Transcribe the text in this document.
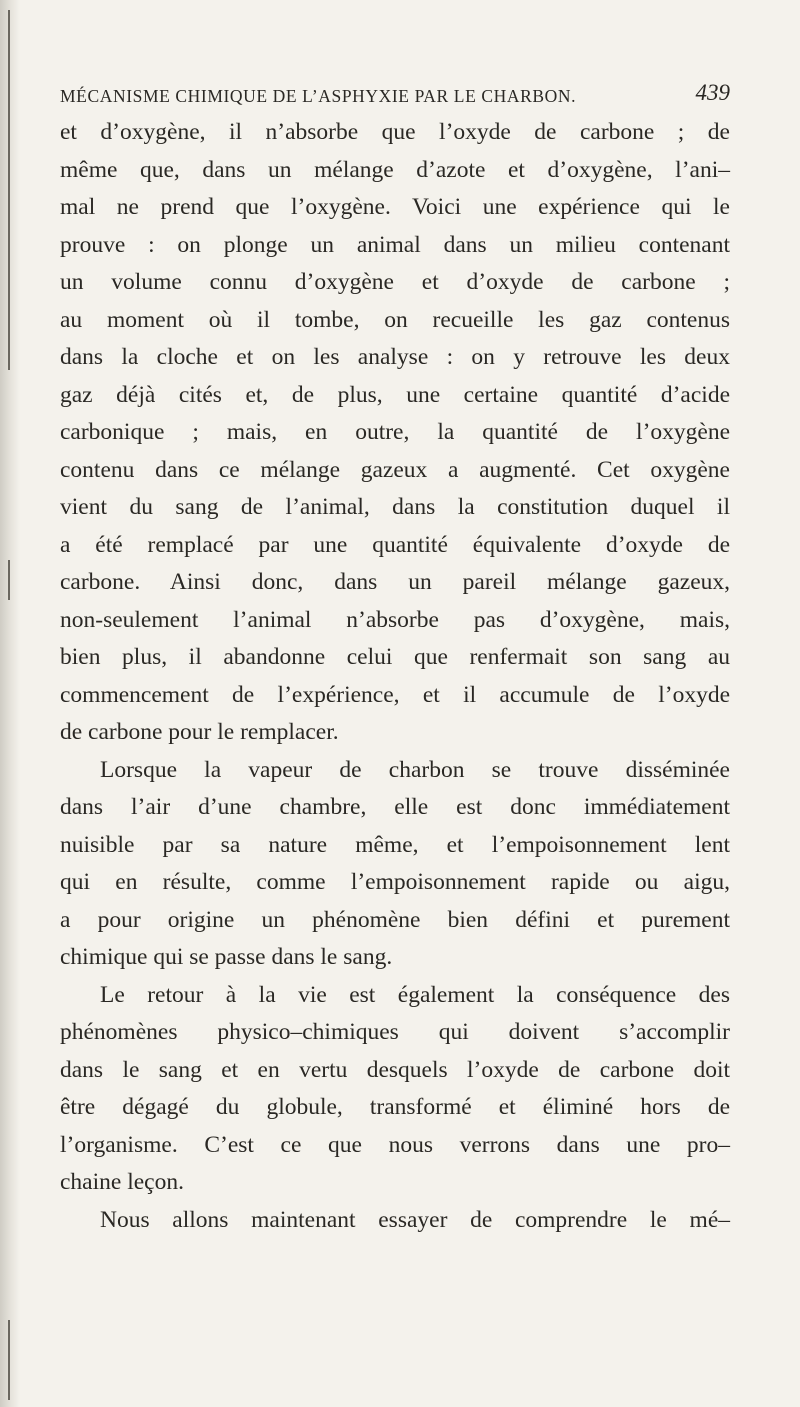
MÉCANISME CHIMIQUE DE L’ASPHYXIE PAR LE CHARBON.	439
et d’oxygène, il n’absorbe que l’oxyde de carbone ; de
même que, dans un mélange d’azote et d’oxygène, l’ani–
mal ne prend que l’oxygène. Voici une expérience qui le
prouve : on plonge un animal dans un milieu contenant
un volume connu d’oxygène et d’oxyde de carbone ;
au moment où il tombe, on recueille les gaz contenus
dans la cloche et on les analyse : on y retrouve les deux
gaz déjà cités et, de plus, une certaine quantité d’acide
carbonique ; mais, en outre, la quantité de l’oxygène
contenu dans ce mélange gazeux a augmenté. Cet oxygène
vient du sang de l’animal, dans la constitution duquel il
a été remplacé par une quantité équivalente d’oxyde de
carbone. Ainsi donc, dans un pareil mélange gazeux,
non-seulement l’animal n’absorbe pas d’oxygène, mais,
bien plus, il abandonne celui que renfermait son sang au
commencement de l’expérience, et il accumule de l’oxyde
de carbone pour le remplacer.
Lorsque la vapeur de charbon se trouve disséminée
dans l’air d’une chambre, elle est donc immédiatement
nuisible par sa nature même, et l’empoisonnement lent
qui en résulte, comme l’empoisonnement rapide ou aigu,
a pour origine un phénomène bien défini et purement
chimique qui se passe dans le sang.
Le retour à la vie est également la conséquence des
phénomènes physico–chimiques qui doivent s’accomplir
dans le sang et en vertu desquels l’oxyde de carbone doit
être dégagé du globule, transformé et éliminé hors de
l’organisme. C’est ce que nous verrons dans une pro–
chaine leçon.
Nous allons maintenant essayer de comprendre le mé–
